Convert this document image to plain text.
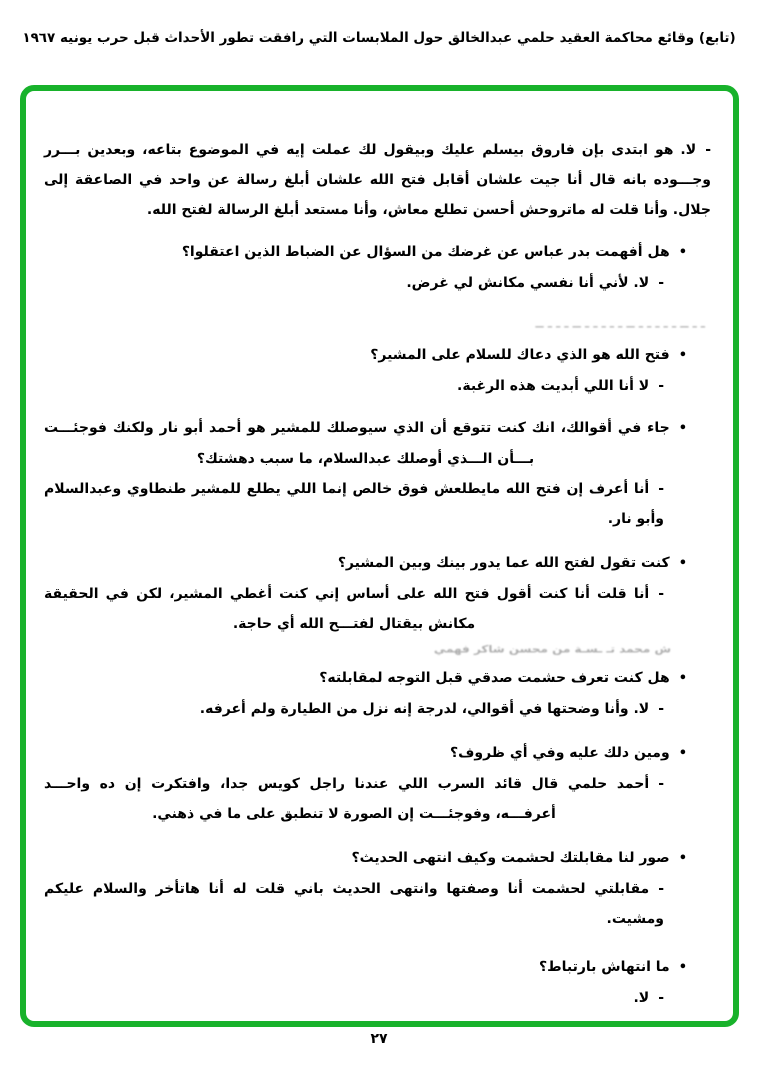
(تابع) وقائع محاكمة العقيد حلمي عبدالخالق حول الملابسات التي رافقت تطور الأحداث قبل حرب يونيه ١٩٦٧
-لا. هو ابتدى بإن فاروق بيسلم عليك وبيقول لك عملت إيه في الموضوع بتاعه، وبعدين بـــرر وجـــوده بانه قال أنا جيت علشان أقابل فتح الله علشان أبلغ رسالة عن واحد في الصاعقة إلى جلال. وأنا قلت له ماتروحش أحسن تطلع معاش، وأنا مستعد أبلغ الرسالة لفتح الله.
•هل أفهمت بدر عباس عن غرضك من السؤال عن الضباط الذين اعتقلوا؟
-لا. لأني أنا نفسي مكانش لي غرض.
ـ ـ ــ ـ ـ ـ ـ ـ ــ ـ ـ ـ ـ ـ ــ ـ ـ ـ ــ
•فتح الله هو الذي دعاك للسلام على المشير؟
-لا أنا اللي أبديت هذه الرغبة.
•جاء في أقوالك، انك كنت تتوقع أن الذي سيوصلك للمشير هو أحمد أبو نار ولكنك فوجئـــت بـــأن الـــذي أوصلك عبدالسلام، ما سبب دهشتك؟
-أنا أعرف إن فتح الله مايطلعش فوق خالص إنما اللي يطلع للمشير طنطاوي وعبدالسلام وأبو نار.
•كنت تقول لفتح الله عما يدور بينك وبين المشير؟
-أنا قلت أنا كنت أقول فتح الله على أساس إني كنت أغطي المشير، لكن في الحقيقة مكانش بيقتال لفتـــح الله أي حاجة.
ش محمد تـ ـسـة من محسن شاكر فهمي
•هل كنت تعرف حشمت صدقي قبل التوجه لمقابلته؟
-لا. وأنا وضحتها في أقوالي، لدرجة إنه نزل من الطيارة ولم أعرفه.
•ومين دلك عليه وفي أي ظروف؟
-أحمد حلمي قال قائد السرب اللي عندنا راجل كويس جدا، وافتكرت إن ده واحـــد أعرفـــه، وفوجئـــت إن الصورة لا تنطبق على ما في ذهني.
•صور لنا مقابلتك لحشمت وكيف انتهى الحديث؟
-مقابلتي لحشمت أنا وصفتها وانتهى الحديث باني قلت له أنا هاتأخر والسلام عليكم ومشيت.
•ما انتهاش بارتباط؟
-لا.
٢٧
